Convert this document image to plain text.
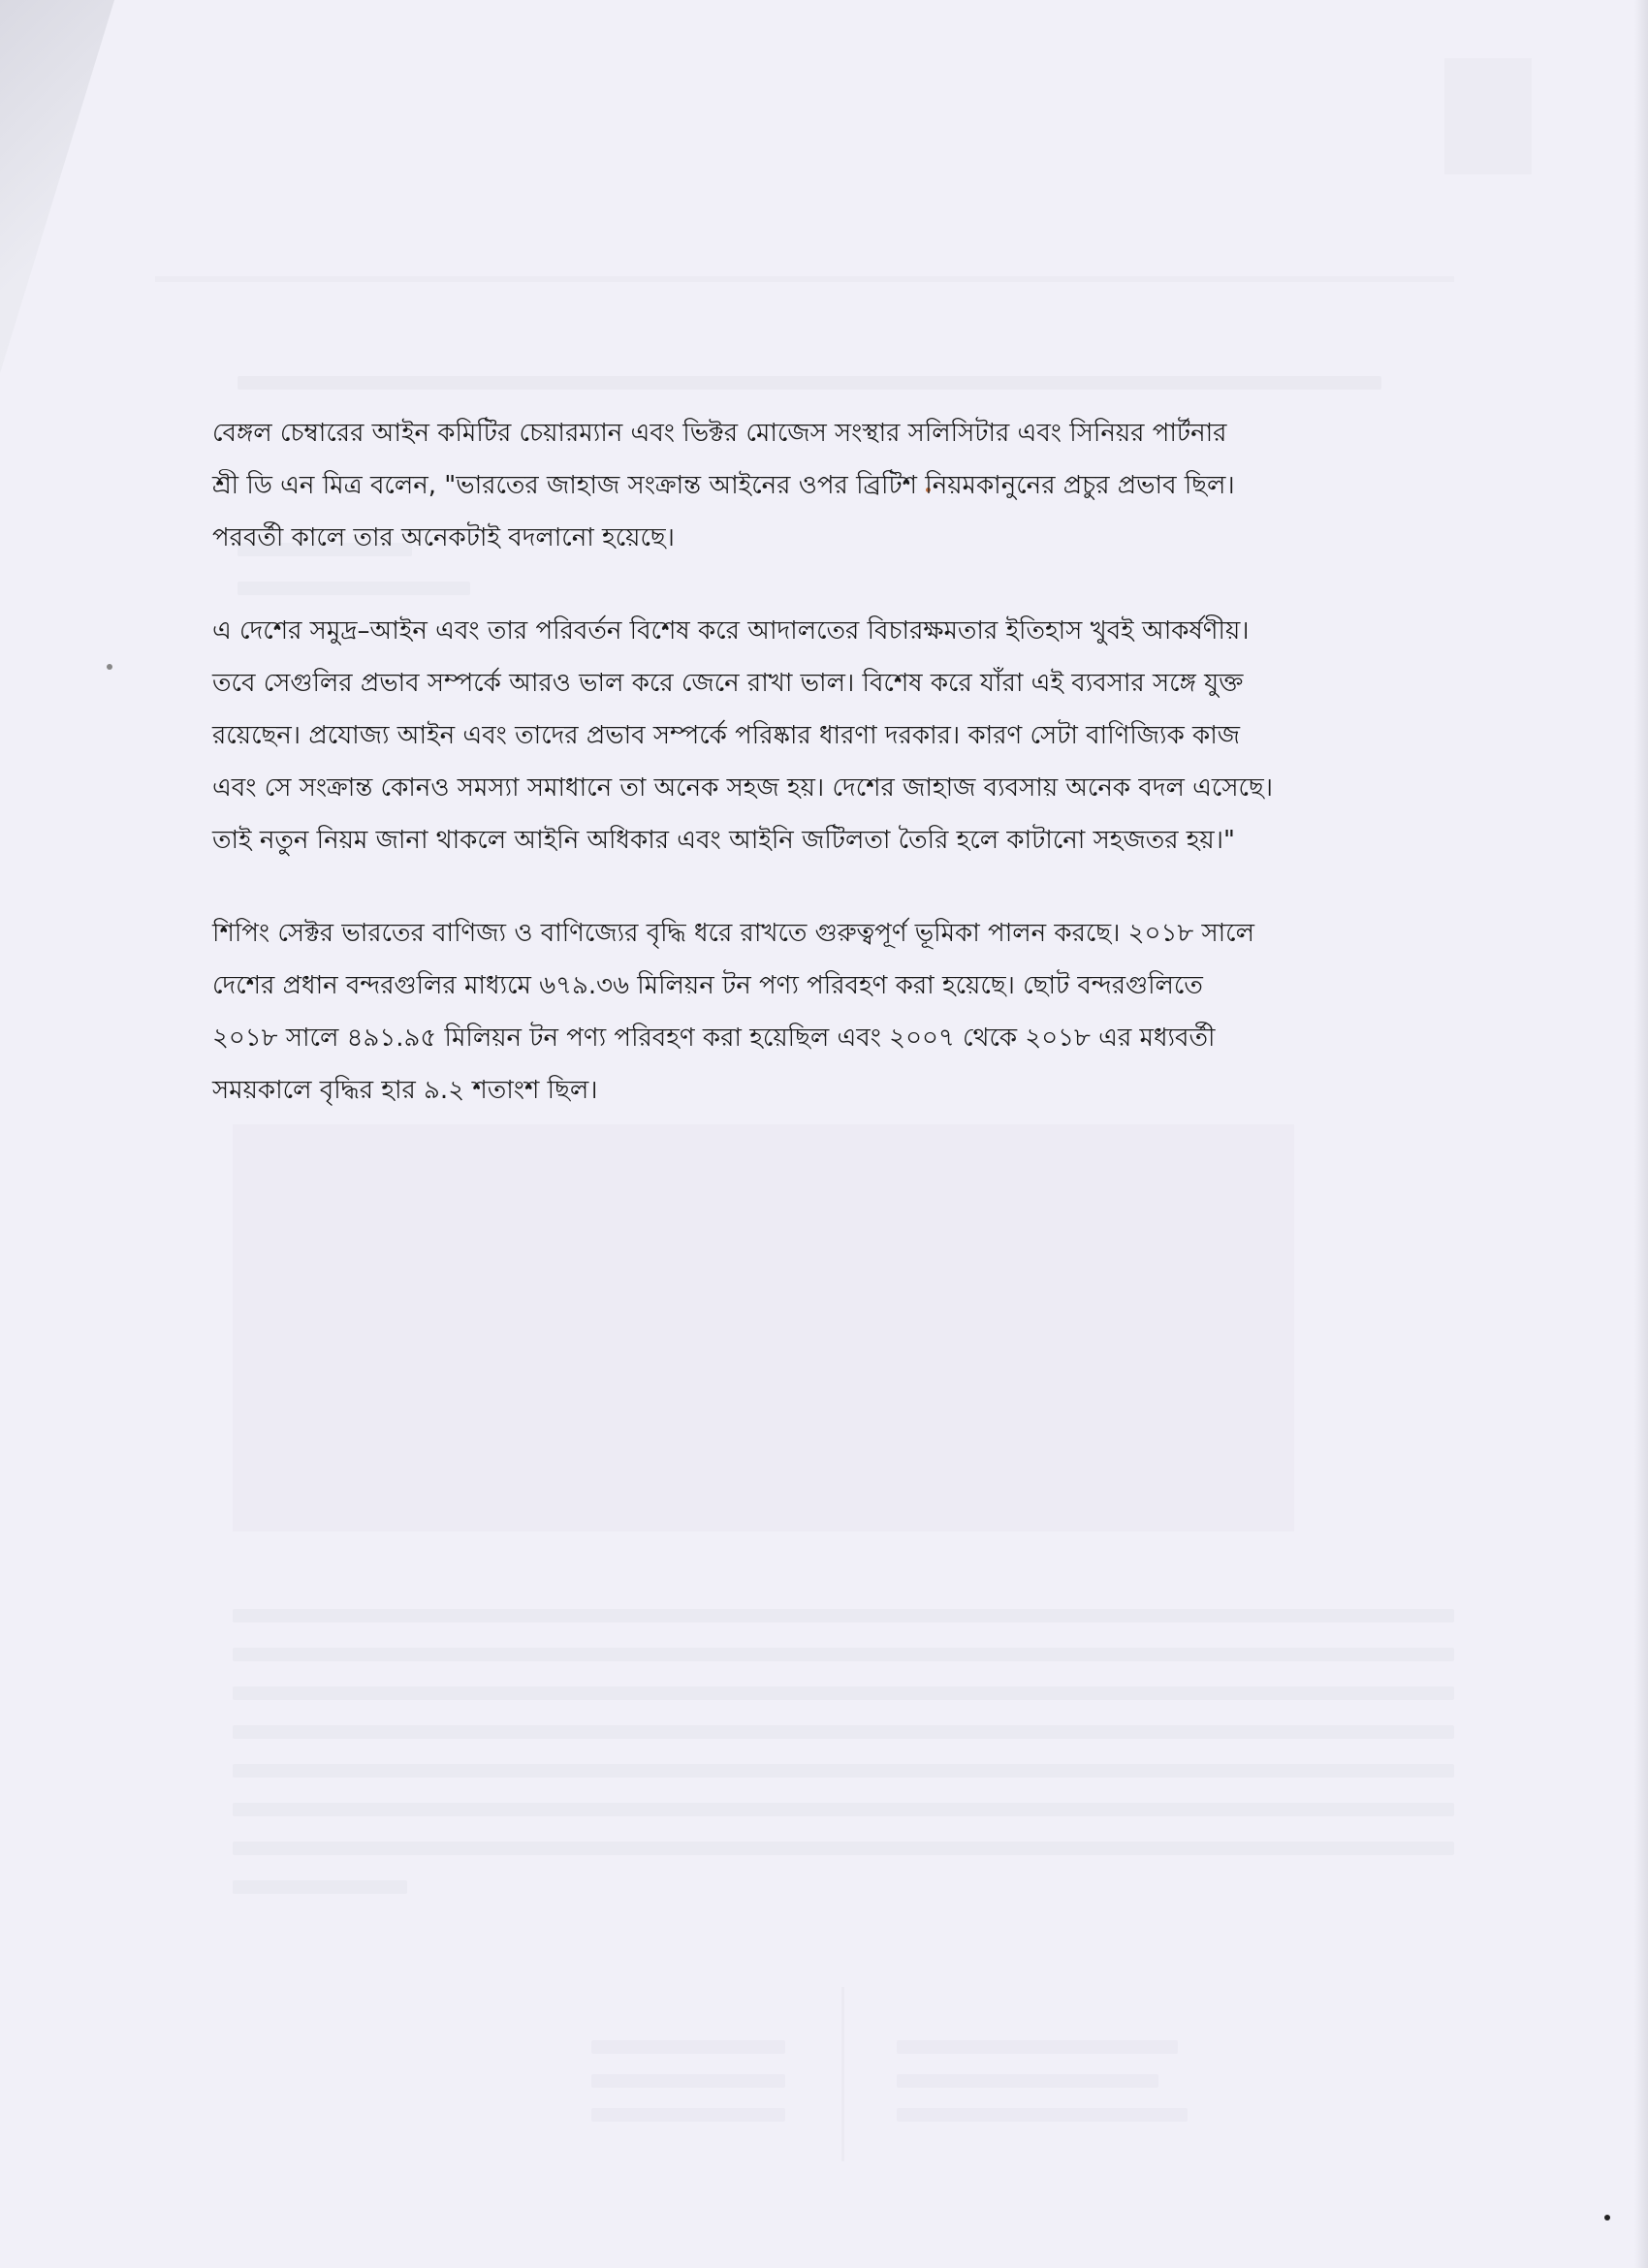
বেঙ্গল চেম্বারের আইন কমিটির চেয়ারম্যান এবং ভিক্টর মোজেস সংস্থার সলিসিটার এবং সিনিয়র পার্টনার
শ্রী ডি এন মিত্র বলেন, "ভারতের জাহাজ সংক্রান্ত আইনের ওপর ব্রিটিশ নিয়মকানুনের প্রচুর প্রভাব ছিল।
পরবর্তী কালে তার অনেকটাই বদলানো হয়েছে।

এ দেশের সমুদ্র–আইন এবং তার পরিবর্তন বিশেষ করে আদালতের বিচারক্ষমতার ইতিহাস খুবই আকর্ষণীয়।
তবে সেগুলির প্রভাব সম্পর্কে আরও ভাল করে জেনে রাখা ভাল। বিশেষ করে যাঁরা এই ব্যবসার সঙ্গে যুক্ত
রয়েছেন। প্রযোজ্য আইন এবং তাদের প্রভাব সম্পর্কে পরিষ্কার ধারণা দরকার। কারণ সেটা বাণিজ্যিক কাজ
এবং সে সংক্রান্ত কোনও সমস্যা সমাধানে তা অনেক সহজ হয়। দেশের জাহাজ ব্যবসায় অনেক বদল এসেছে।
তাই নতুন নিয়ম জানা থাকলে আইনি অধিকার এবং আইনি জটিলতা তৈরি হলে কাটানো সহজতর হয়।"

শিপিং সেক্টর ভারতের বাণিজ্য ও বাণিজ্যের বৃদ্ধি ধরে রাখতে গুরুত্বপূর্ণ ভূমিকা পালন করছে। ২০১৮ সালে
দেশের প্রধান বন্দরগুলির মাধ্যমে ৬৭৯.৩৬ মিলিয়ন টন পণ্য পরিবহণ করা হয়েছে। ছোট বন্দরগুলিতে
২০১৮ সালে ৪৯১.৯৫ মিলিয়ন টন পণ্য পরিবহণ করা হয়েছিল এবং ২০০৭ থেকে ২০১৮ এর মধ্যবর্তী
সময়কালে বৃদ্ধির হার ৯.২ শতাংশ ছিল।
